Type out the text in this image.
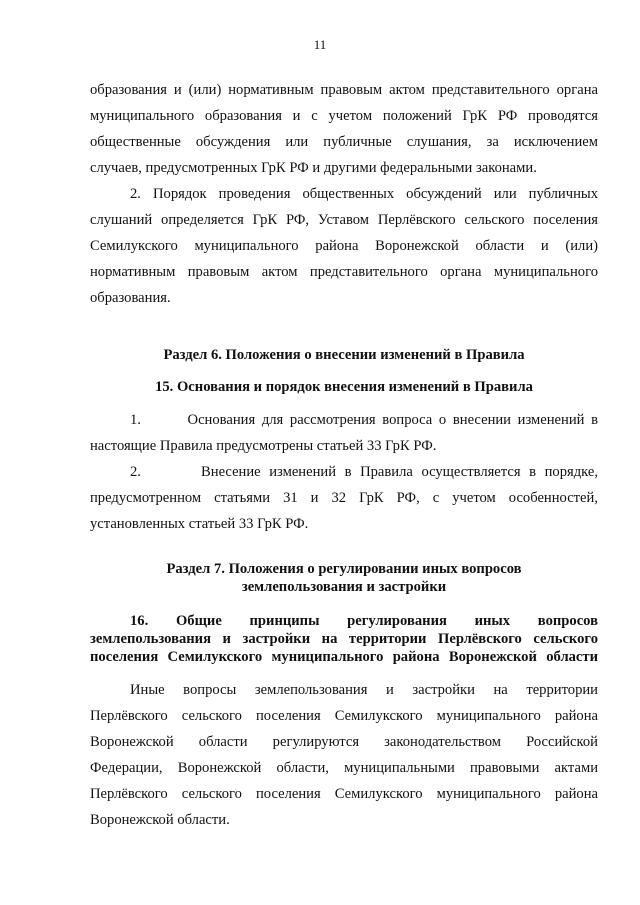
11
образования и (или) нормативным правовым актом представительного органа
муниципального образования и с учетом положений ГрК РФ проводятся
общественные обсуждения или публичные слушания, за исключением
случаев, предусмотренных ГрК РФ и другими федеральными законами.
2. Порядок проведения общественных обсуждений или публичных
слушаний определяется ГрК РФ, Уставом Перлёвского сельского поселения
Семилукского муниципального района Воронежской области и (или)
нормативным правовым актом представительного органа муниципального
образования.
Раздел 6. Положения о внесении изменений в Правила
15. Основания и порядок внесения изменений в Правила
1.       Основания для рассмотрения вопроса о внесении изменений в
настоящие Правила предусмотрены статьей 33 ГрК РФ.
2.       Внесение изменений в Правила осуществляется в порядке,
предусмотренном статьями 31 и 32 ГрК РФ, с учетом особенностей,
установленных статьей 33 ГрК РФ.
Раздел 7. Положения о регулировании иных вопросов
землепользования и застройки
16. Общие принципы регулирования иных вопросов
землепользования и застройки на территории Перлёвского сельского
поселения Семилукского муниципального района Воронежской области
Иные вопросы землепользования и застройки на территории
Перлёвского сельского поселения Семилукского муниципального района
Воронежской области регулируются законодательством Российской
Федерации, Воронежской области, муниципальными правовыми актами
Перлёвского сельского поселения Семилукского муниципального района
Воронежской области.
